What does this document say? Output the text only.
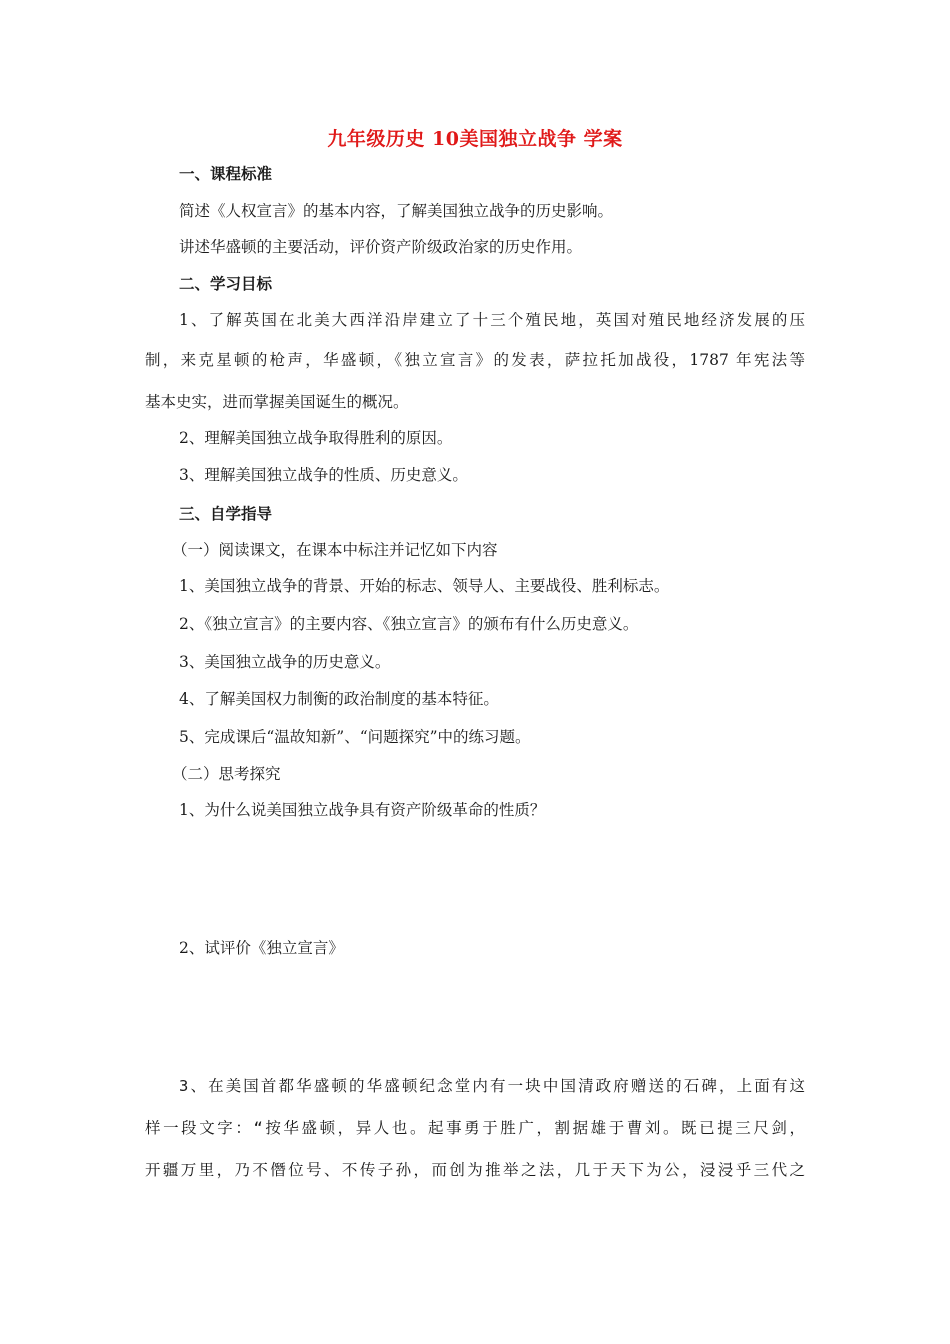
九年级历史 10美国独立战争 学案
一、课程标准
简述《人权宣言》的基本内容，了解美国独立战争的历史影响。
讲述华盛顿的主要活动，评价资产阶级政治家的历史作用。
二、学习目标
1、了解英国在北美大西洋沿岸建立了十三个殖民地，英国对殖民地经济发展的压
制，来克星顿的枪声，华盛顿，《独立宣言》的发表，萨拉托加战役，1787 年宪法等
基本史实，进而掌握美国诞生的概况。
2、理解美国独立战争取得胜利的原因。
3、理解美国独立战争的性质、历史意义。
三、自学指导
（一）阅读课文，在课本中标注并记忆如下内容
1、美国独立战争的背景、开始的标志、领导人、主要战役、胜利标志。
2、《独立宣言》的主要内容、《独立宣言》的颁布有什么历史意义。
3、美国独立战争的历史意义。
4、了解美国权力制衡的政治制度的基本特征。
5、完成课后“温故知新”、“问题探究”中的练习题。
（二）思考探究
1、为什么说美国独立战争具有资产阶级革命的性质？
2、试评价《独立宣言》
3、在美国首都华盛顿的华盛顿纪念堂内有一块中国清政府赠送的石碑，上面有这
样一段文字：“按华盛顿，异人也。起事勇于胜广，割据雄于曹刘。既已提三尺剑，
开疆万里，乃不僭位号、不传子孙，而创为推举之法，几于天下为公，浸浸乎三代之
